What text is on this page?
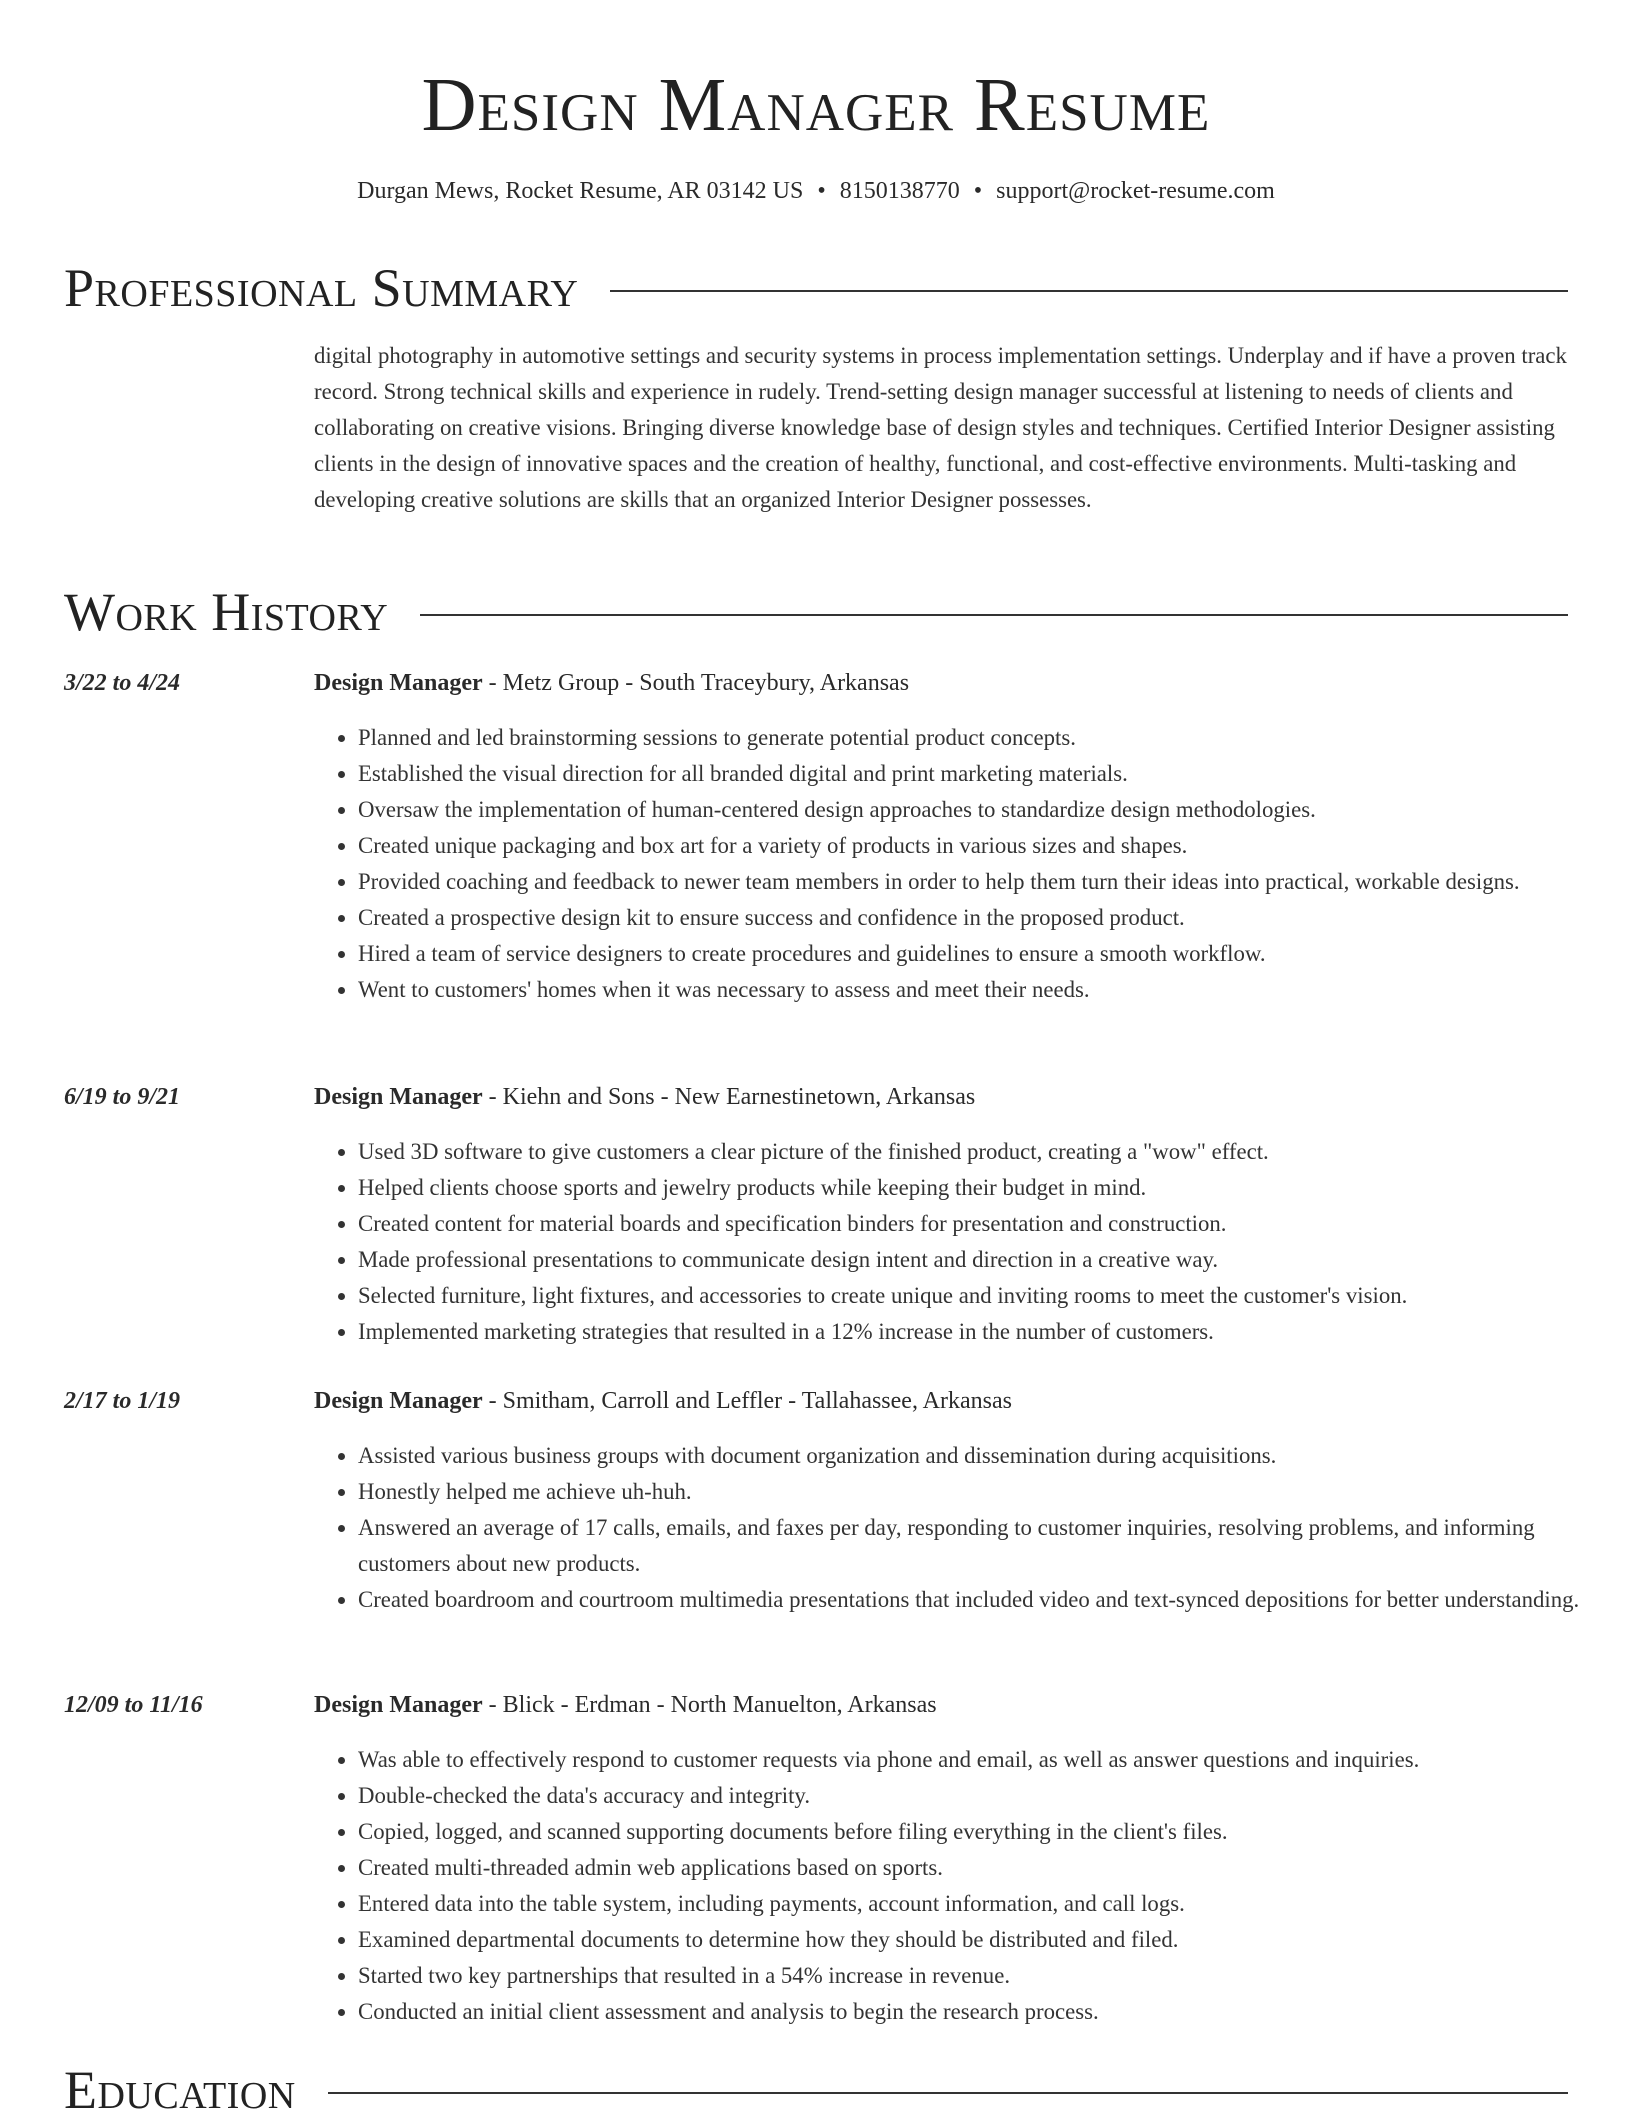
Design Manager Resume
Durgan Mews, Rocket Resume, AR 03142 US • 8150138770 • support@rocket-resume.com
Professional Summary

digital photography in automotive settings and security systems in process implementation settings. Underplay and if have a proven track record. Strong technical skills and experience in rudely. Trend-setting design manager successful at listening to needs of clients and collaborating on creative visions. Bringing diverse knowledge base of design styles and techniques. Certified Interior Designer assisting clients in the design of innovative spaces and the creation of healthy, functional, and cost-effective environments. Multi-tasking and developing creative solutions are skills that an organized Interior Designer possesses.

Work History
3/22 to 4/24	Design Manager - Metz Group - South Traceybury, Arkansas
• Planned and led brainstorming sessions to generate potential product concepts.
• Established the visual direction for all branded digital and print marketing materials.
• Oversaw the implementation of human-centered design approaches to standardize design methodologies.
• Created unique packaging and box art for a variety of products in various sizes and shapes.
• Provided coaching and feedback to newer team members in order to help them turn their ideas into practical, workable designs.
• Created a prospective design kit to ensure success and confidence in the proposed product.
• Hired a team of service designers to create procedures and guidelines to ensure a smooth workflow.
• Went to customers' homes when it was necessary to assess and meet their needs.
6/19 to 9/21	Design Manager - Kiehn and Sons - New Earnestinetown, Arkansas
• Used 3D software to give customers a clear picture of the finished product, creating a "wow" effect.
• Helped clients choose sports and jewelry products while keeping their budget in mind.
• Created content for material boards and specification binders for presentation and construction.
• Made professional presentations to communicate design intent and direction in a creative way.
• Selected furniture, light fixtures, and accessories to create unique and inviting rooms to meet the customer's vision.
• Implemented marketing strategies that resulted in a 12% increase in the number of customers.
2/17 to 1/19	Design Manager - Smitham, Carroll and Leffler - Tallahassee, Arkansas
• Assisted various business groups with document organization and dissemination during acquisitions.
• Honestly helped me achieve uh-huh.
• Answered an average of 17 calls, emails, and faxes per day, responding to customer inquiries, resolving problems, and informing customers about new products.
• Created boardroom and courtroom multimedia presentations that included video and text-synced depositions for better understanding.
12/09 to 11/16	Design Manager - Blick - Erdman - North Manuelton, Arkansas
• Was able to effectively respond to customer requests via phone and email, as well as answer questions and inquiries.
• Double-checked the data's accuracy and integrity.
• Copied, logged, and scanned supporting documents before filing everything in the client's files.
• Created multi-threaded admin web applications based on sports.
• Entered data into the table system, including payments, account information, and call logs.
• Examined departmental documents to determine how they should be distributed and filed.
• Started two key partnerships that resulted in a 54% increase in revenue.
• Conducted an initial client assessment and analysis to begin the research process.
Education
